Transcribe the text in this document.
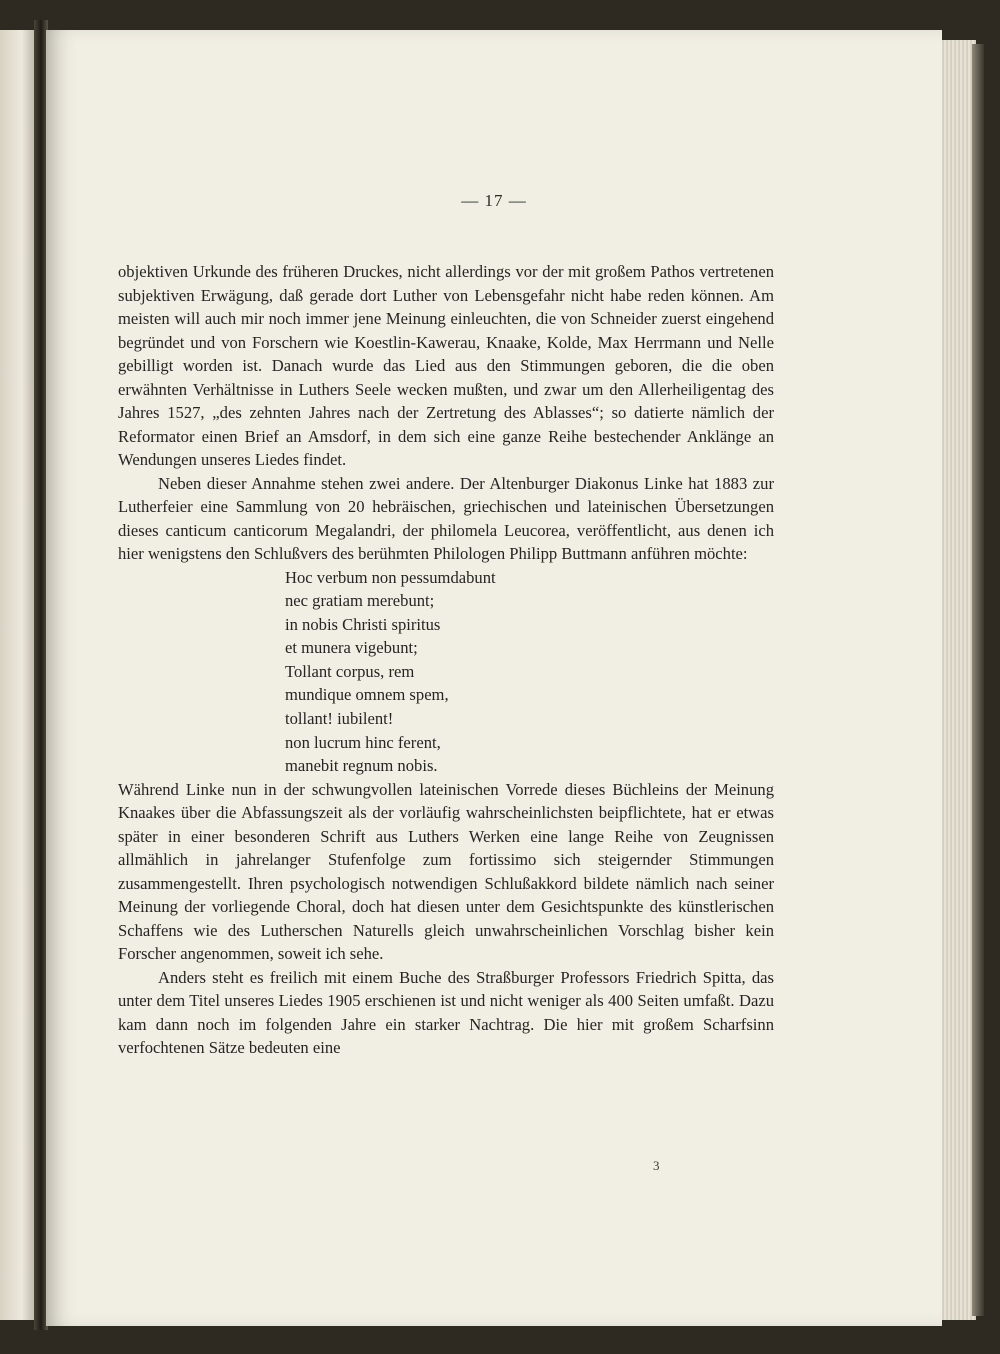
— 17 —

objektiven Urkunde des früheren Druckes, nicht allerdings vor der mit großem Pathos vertretenen subjektiven Erwägung, daß gerade dort Luther von Lebensgefahr nicht habe reden können. Am meisten will auch mir noch immer jene Meinung einleuchten, die von Schneider zuerst eingehend begründet und von Forschern wie Koestlin-Kawerau, Knaake, Kolde, Max Herrmann und Nelle gebilligt worden ist. Danach wurde das Lied aus den Stimmungen geboren, die die oben erwähnten Verhältnisse in Luthers Seele wecken mußten, und zwar um den Allerheiligentag des Jahres 1527, „des zehnten Jahres nach der Zertretung des Ablasses“; so datierte nämlich der Reformator einen Brief an Amsdorf, in dem sich eine ganze Reihe bestechender Anklänge an Wendungen unseres Liedes findet.

Neben dieser Annahme stehen zwei andere. Der Altenburger Diakonus Linke hat 1883 zur Lutherfeier eine Sammlung von 20 hebräischen, griechischen und lateinischen Übersetzungen dieses canticum canticorum Megalandri, der philomela Leucorea, veröffentlicht, aus denen ich hier wenigstens den Schlußvers des berühmten Philologen Philipp Buttmann anführen möchte:

Hoc verbum non pessumdabunt
nec gratiam merebunt;
in nobis Christi spiritus
et munera vigebunt;
Tollant corpus, rem
mundique omnem spem,
tollant! iubilent!
non lucrum hinc ferent,
manebit regnum nobis.

Während Linke nun in der schwungvollen lateinischen Vorrede dieses Büchleins der Meinung Knaakes über die Abfassungszeit als der vorläufig wahrscheinlichsten beipflichtete, hat er etwas später in einer besonderen Schrift aus Luthers Werken eine lange Reihe von Zeugnissen allmählich in jahrelanger Stufenfolge zum fortissimo sich steigernder Stimmungen zusammengestellt. Ihren psychologisch notwendigen Schlußakkord bildete nämlich nach seiner Meinung der vorliegende Choral, doch hat diesen unter dem Gesichtspunkte des künstlerischen Schaffens wie des Lutherschen Naturells gleich unwahrscheinlichen Vorschlag bisher kein Forscher angenommen, soweit ich sehe.

Anders steht es freilich mit einem Buche des Straßburger Professors Friedrich Spitta, das unter dem Titel unseres Liedes 1905 erschienen ist und nicht weniger als 400 Seiten umfaßt. Dazu kam dann noch im folgenden Jahre ein starker Nachtrag. Die hier mit großem Scharfsinn verfochtenen Sätze bedeuten eine

3
